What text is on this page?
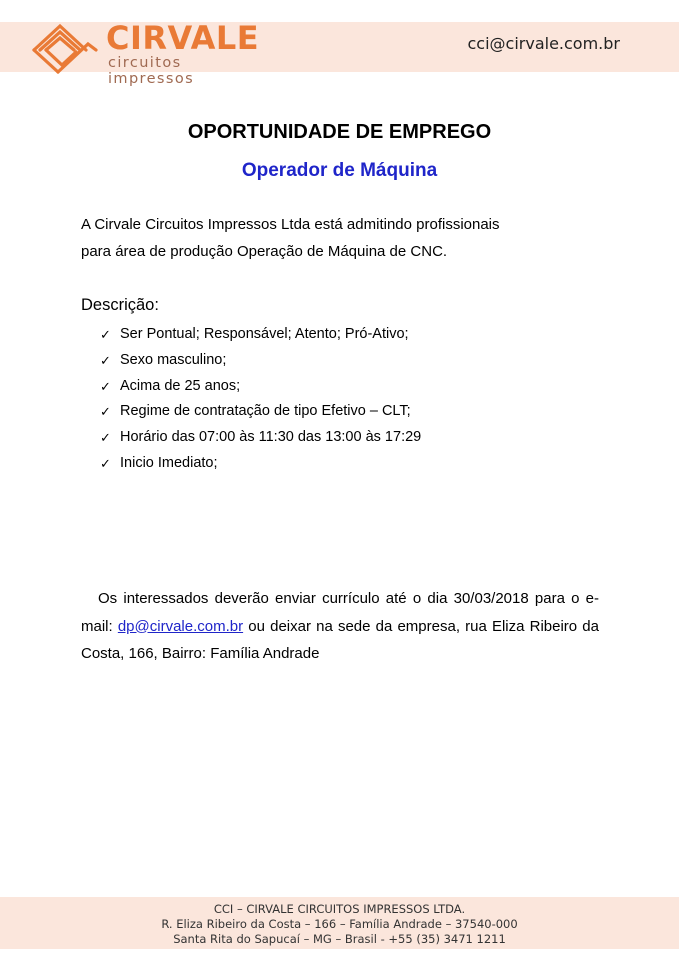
CIRVALE
circuitos impressos
cci@cirvale.com.br
OPORTUNIDADE DE EMPREGO
Operador de Máquina

A Cirvale Circuitos Impressos Ltda está admitindo profissionais
para área de produção Operação de Máquina de CNC.

Descrição:
✓ Ser Pontual; Responsável; Atento; Pró-Ativo;
✓ Sexo masculino;
✓ Acima de 25 anos;
✓ Regime de contratação de tipo Efetivo – CLT;
✓ Horário das 07:00 às 11:30 das 13:00 às 17:29
✓ Inicio Imediato;

Os interessados deverão enviar currículo até o dia 30/03/2018 para o e-mail: dp@cirvale.com.br ou deixar na sede da empresa, rua Eliza Ribeiro da Costa, 166, Bairro: Família Andrade

CCI – CIRVALE CIRCUITOS IMPRESSOS LTDA.
R. Eliza Ribeiro da Costa – 166 – Família Andrade – 37540-000
Santa Rita do Sapucaí – MG – Brasil - +55 (35) 3471 1211
